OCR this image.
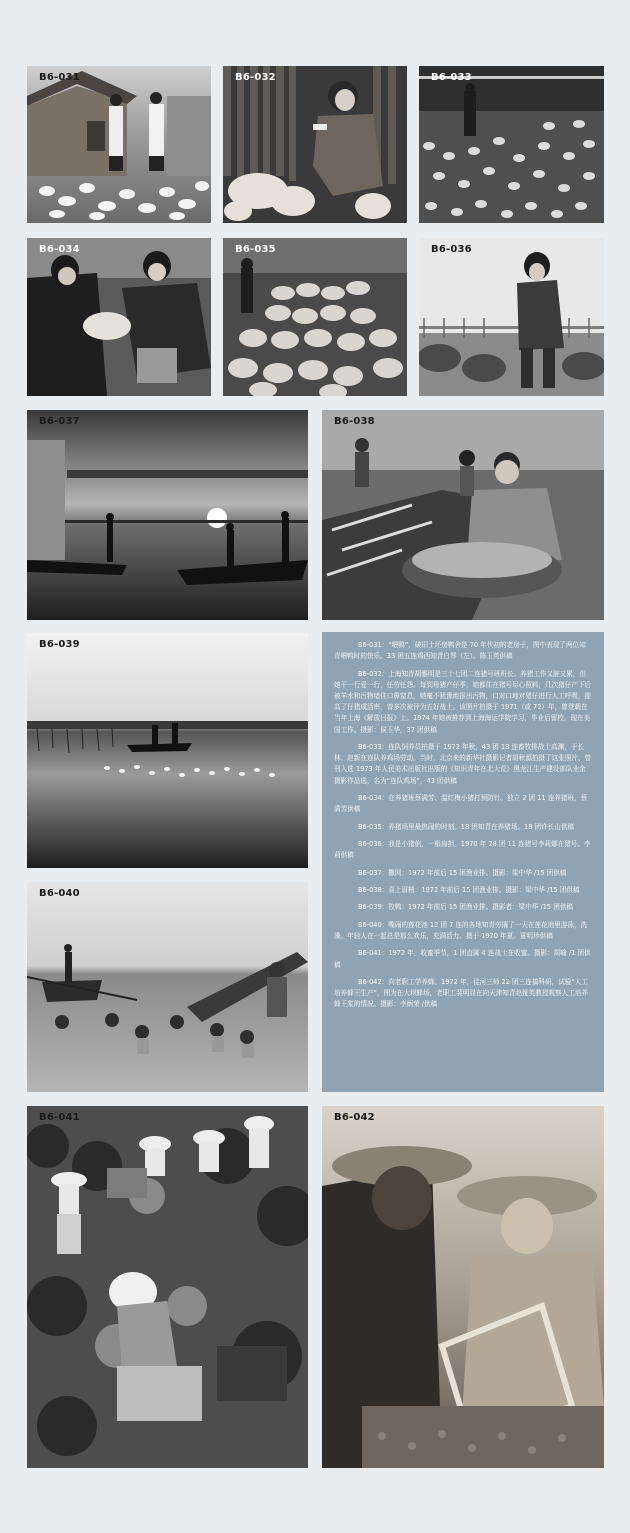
B6-031	B6-032	B6-033
B6-034	B6-035	B6-036
B6-037	B6-038
B6-039	B6-031：“喂鸭”，破旧土坯房鸭舍是 70 年代初的老房子，图中表现了两位知青喂鸭时的快乐。33 团五连鸡西知青白琴（左）。陈玉英供稿

B6-032：上海知青胡雅明是三十七团二连猪号班班长。养猪工作又脏又累，但她干一行爱一行，任劳任怨。每到母猪产仔季，她都住在猪号尽心照料，几次猪仔产下后被羊水和污物堵住口鼻窒息，她毫不犹豫地抠出污物，口对口地对猪仔进行人工呼吸，提高了仔猪成活率，曾多次被评为五好战士。该照片拍摄于 1971（或 72）年，曾登载在当年上海《解放日报》上。1974 年她被推荐到上海海运学院学习，毕业后留校，现在美国工作。摄影：侯玉华，37 团供稿

B6-033：连队饲养员拍摄于 1972 年秋，43 团 18 连畜牧排战士高渊，于长林、赵新在连队养鸡场劳动。当时，北京来的新华社摄影记者胡秋源拍摄了这张照片，曾刊入选 1973 年人民美术出版社出版的《知识青年在北大荒》黑龙江生产建设部队业余摄影作品选，名为“连队鸡场”，43 团供稿

B6-034：在养猪班蔡满芳、温红梅小猪打预防针。独立 2 团 11 连养猪班，蔡满芳供稿

B6-035：养猪场里最热闹的时刻。18 团知青在养猪场。18 团许长山供稿

B6-036：我是小猪倌，一根扁担。1970 年 28 团 11 连猪号李莉娜在猪号。李莉供稿

B6-037：撒网：1972 年前后 15 团渔业排。摄影：梁中华 /15 团供稿

B6-038：喜上眉梢：1972 年前后 15 团渔业排。摄影：梁中华 /15 团供稿

B6-039：牧鸭：1972 年前后 15 团渔业排。摄影者：梁中华 /15 团供稿

B6-040：嘴闹的莲花池 12 团 7 连的各地知青劳攘了一天在莲花池里游泳，洗澡。年轻人在一起总是那么欢乐，充满活力。摄于 1970 年夏。夏明珍供稿

B6-041：1972 年，收蜜季节，1 团直属 4 连战士在收蜜。摄影：周喻 /1 团供稿

B6-042：向老职工学养蜂。1972 年，佳河三师 22 团三连搞科研，试验“人工培养蜂王生产”，图为在大坝蜂场，老职工裴明显在向天津知青赵娅英教授观察人工培养蜂王浆的情况。摄影：李炳荣 /供稿

B6-040
B6-041	B6-042
